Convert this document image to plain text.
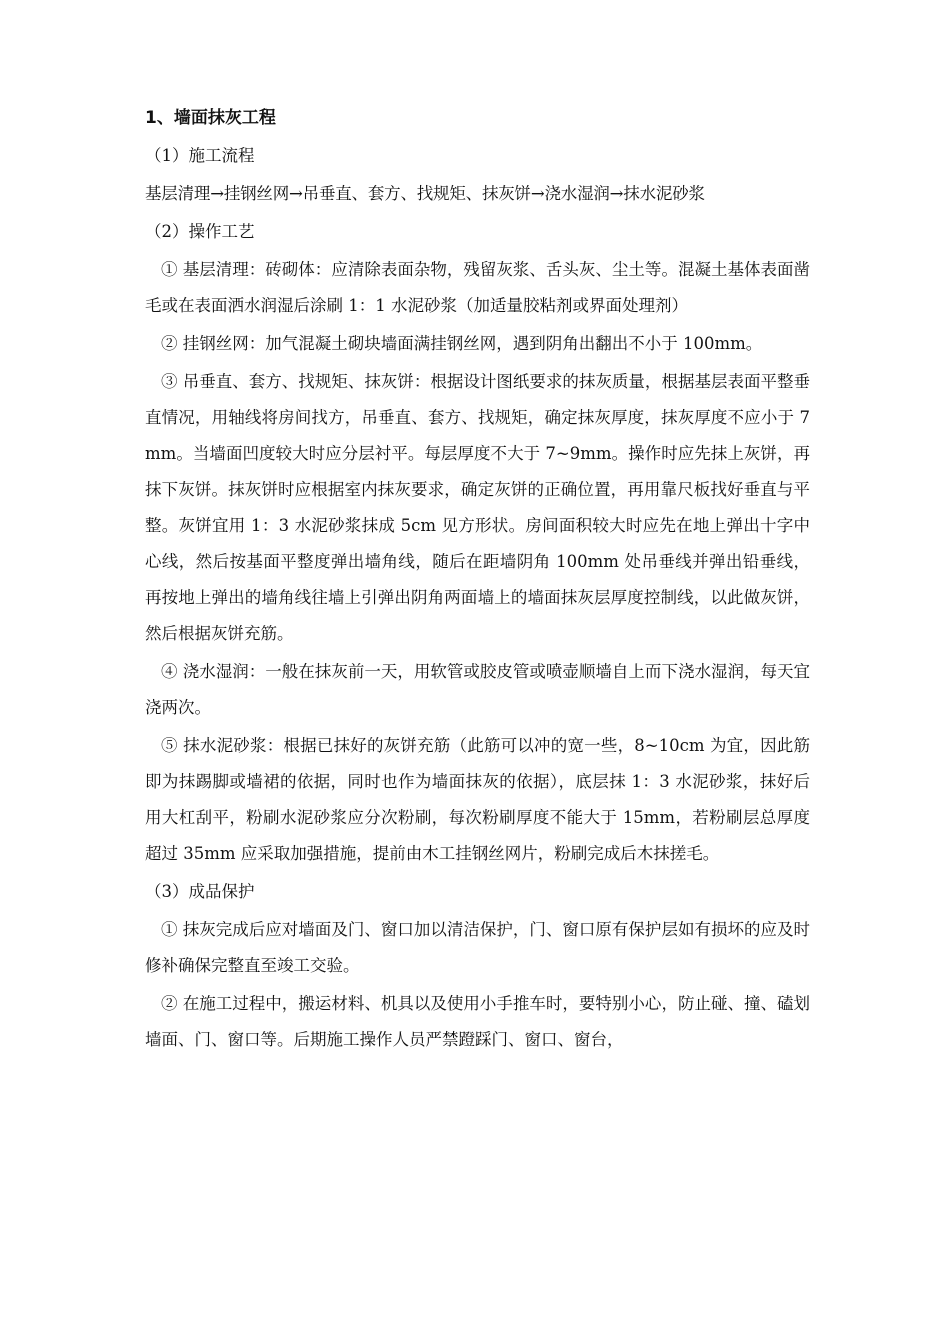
1、墙面抹灰工程
（1）施工流程
基层清理→挂钢丝网→吊垂直、套方、找规矩、抹灰饼→浇水湿润→抹水泥砂浆
（2）操作工艺
① 基层清理：砖砌体：应清除表面杂物，残留灰浆、舌头灰、尘土等。混凝土基体表面凿毛或在表面洒水润湿后涂刷 1：1 水泥砂浆（加适量胶粘剂或界面处理剂）
② 挂钢丝网：加气混凝土砌块墙面满挂钢丝网，遇到阴角出翻出不小于 100mm。
③ 吊垂直、套方、找规矩、抹灰饼：根据设计图纸要求的抹灰质量，根据基层表面平整垂直情况，用轴线将房间找方，吊垂直、套方、找规矩，确定抹灰厚度，抹灰厚度不应小于 7mm。当墙面凹度较大时应分层衬平。每层厚度不大于 7~9mm。操作时应先抹上灰饼，再抹下灰饼。抹灰饼时应根据室内抹灰要求，确定灰饼的正确位置，再用靠尺板找好垂直与平整。灰饼宜用 1：3 水泥砂浆抹成 5cm 见方形状。房间面积较大时应先在地上弹出十字中心线，然后按基面平整度弹出墙角线，随后在距墙阴角 100mm 处吊垂线并弹出铅垂线，再按地上弹出的墙角线往墙上引弹出阴角两面墙上的墙面抹灰层厚度控制线，以此做灰饼，然后根据灰饼充筋。
④ 浇水湿润：一般在抹灰前一天，用软管或胶皮管或喷壶顺墙自上而下浇水湿润，每天宜浇两次。
⑤ 抹水泥砂浆：根据已抹好的灰饼充筋（此筋可以冲的宽一些，8~10cm 为宜，因此筋即为抹踢脚或墙裙的依据，同时也作为墙面抹灰的依据），底层抹 1：3 水泥砂浆，抹好后用大杠刮平，粉刷水泥砂浆应分次粉刷，每次粉刷厚度不能大于 15mm，若粉刷层总厚度超过 35mm 应采取加强措施，提前由木工挂钢丝网片，粉刷完成后木抹搓毛。
（3）成品保护
① 抹灰完成后应对墙面及门、窗口加以清洁保护，门、窗口原有保护层如有损坏的应及时修补确保完整直至竣工交验。
② 在施工过程中，搬运材料、机具以及使用小手推车时，要特别小心，防止碰、撞、磕划墙面、门、窗口等。后期施工操作人员严禁蹬踩门、窗口、窗台，
